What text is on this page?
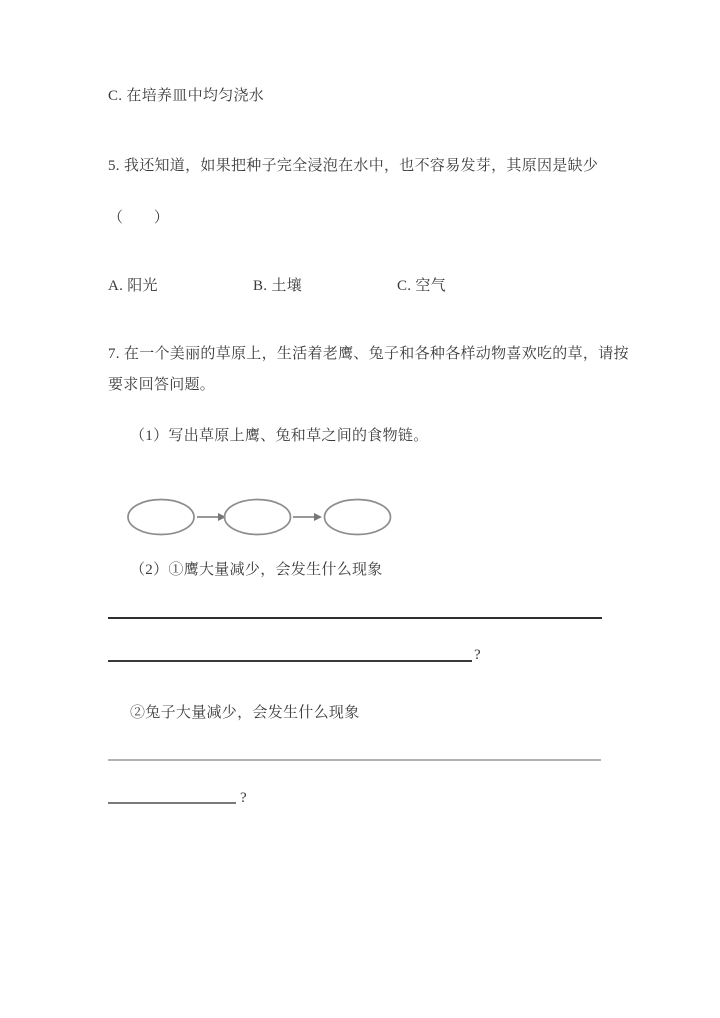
C. 在培养皿中均匀浇水
5. 我还知道，如果把种子完全浸泡在水中，也不容易发芽，其原因是缺少
（　　）
A. 阳光	B. 土壤	C. 空气
7. 在一个美丽的草原上，生活着老鹰、兔子和各种各样动物喜欢吃的草，请按
要求回答问题。
（1）写出草原上鹰、兔和草之间的食物链。
（2）①鹰大量减少，会发生什么现象
?
②兔子大量减少，会发生什么现象
?
